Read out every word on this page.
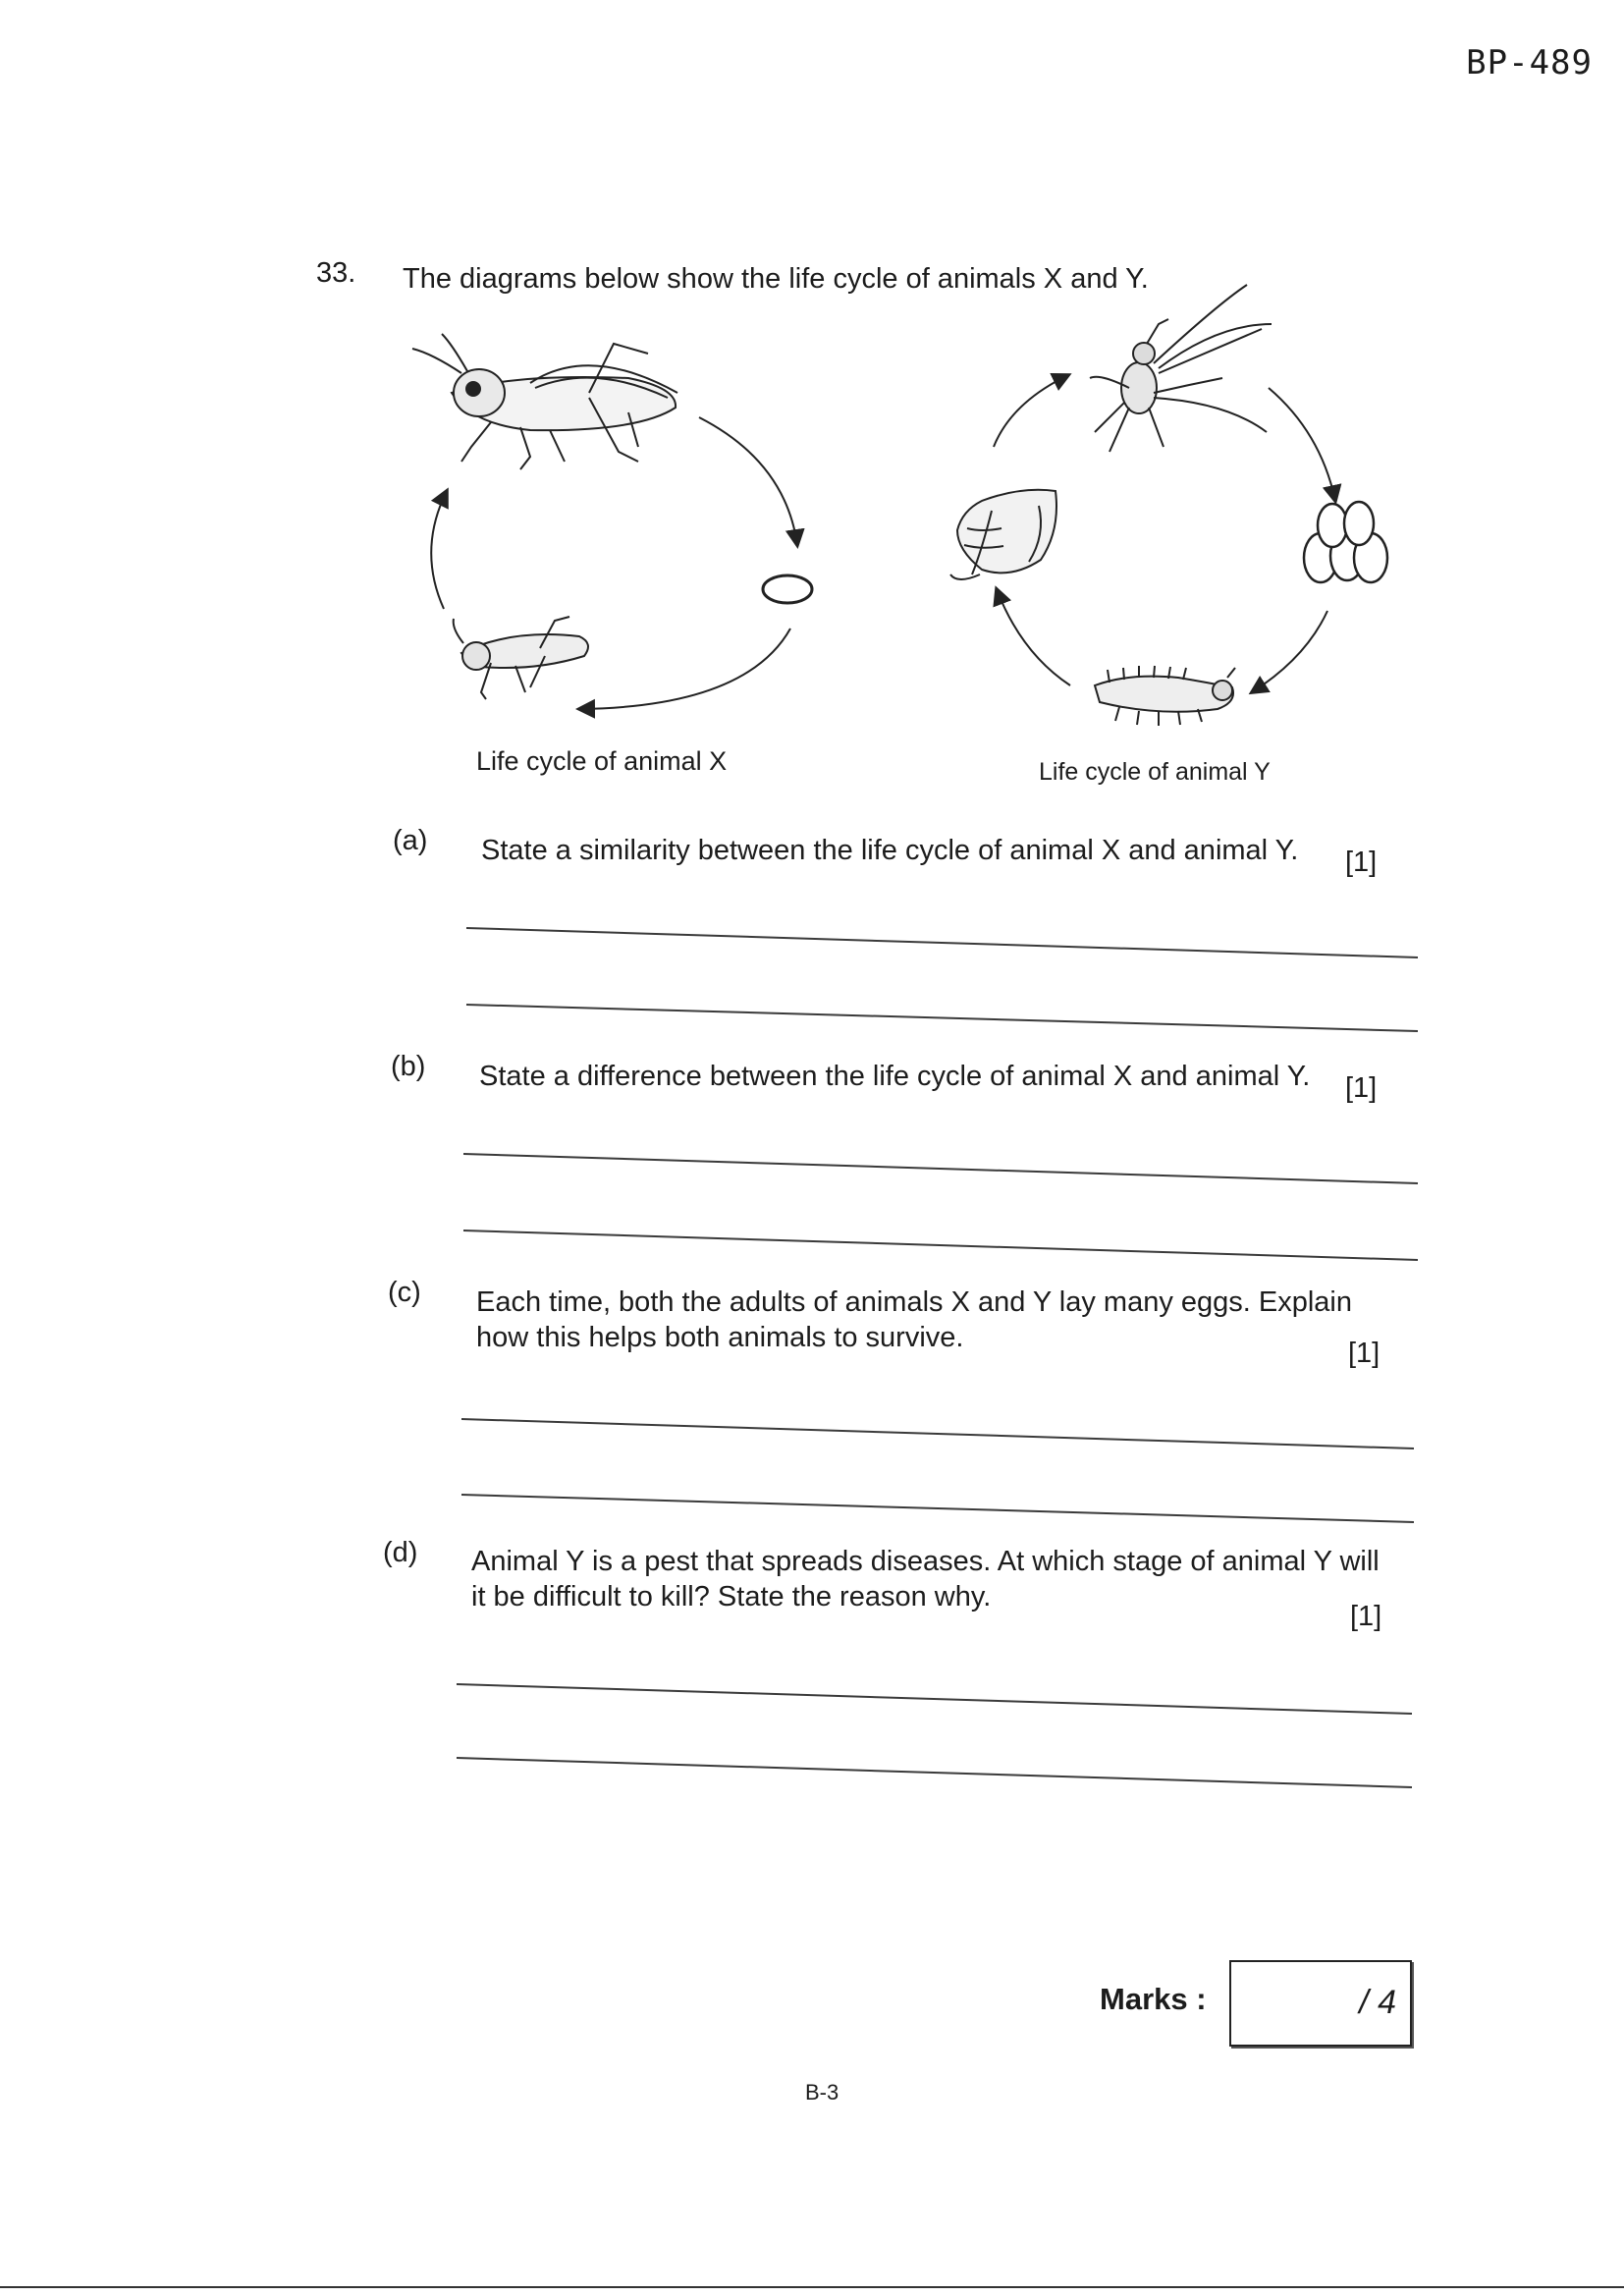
BP-489
33. The diagrams below show the life cycle of animals X and Y.
Life cycle of animal X	Life cycle of animal Y
(a) State a similarity between the life cycle of animal X and animal Y.	[1]
(b) State a difference between the life cycle of animal X and animal Y.	[1]
(c) Each time, both the adults of animals X and Y lay many eggs. Explain how this helps both animals to survive.	[1]
(d) Animal Y is a pest that spreads diseases. At which stage of animal Y will it be difficult to kill? State the reason why.
[1]
Marks :	/ 4
B-3
